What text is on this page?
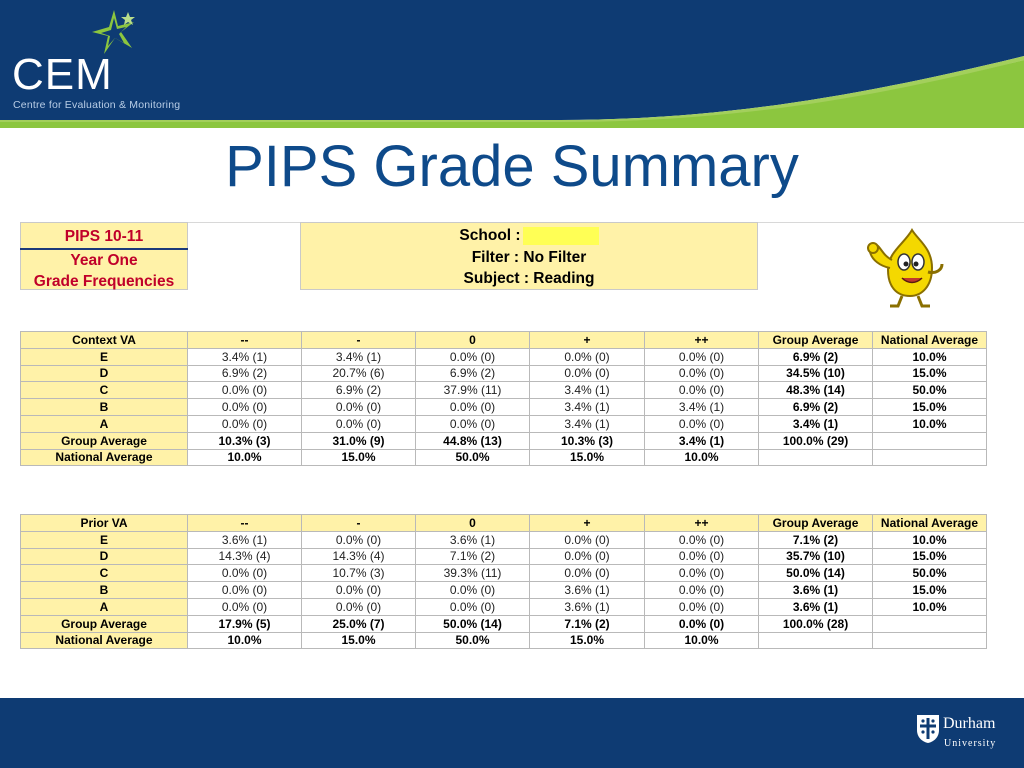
CEM
Centre for Evaluation & Monitoring
PIPS Grade Summary
PIPS 10-11
Year One
Grade Frequencies
School :
Filter : No Filter
Subject : Reading
Context VA	--	-	0	+	++	Group Average	National Average
E	3.4% (1)	3.4% (1)	0.0% (0)	0.0% (0)	0.0% (0)	6.9% (2)	10.0%
D	6.9% (2)	20.7% (6)	6.9% (2)	0.0% (0)	0.0% (0)	34.5% (10)	15.0%
C	0.0% (0)	6.9% (2)	37.9% (11)	3.4% (1)	0.0% (0)	48.3% (14)	50.0%
B	0.0% (0)	0.0% (0)	0.0% (0)	3.4% (1)	3.4% (1)	6.9% (2)	15.0%
A	0.0% (0)	0.0% (0)	0.0% (0)	3.4% (1)	0.0% (0)	3.4% (1)	10.0%
Group Average	10.3% (3)	31.0% (9)	44.8% (13)	10.3% (3)	3.4% (1)	100.0% (29)	
National Average	10.0%	15.0%	50.0%	15.0%	10.0%		
Prior VA	--	-	0	+	++	Group Average	National Average
E	3.6% (1)	0.0% (0)	3.6% (1)	0.0% (0)	0.0% (0)	7.1% (2)	10.0%
D	14.3% (4)	14.3% (4)	7.1% (2)	0.0% (0)	0.0% (0)	35.7% (10)	15.0%
C	0.0% (0)	10.7% (3)	39.3% (11)	0.0% (0)	0.0% (0)	50.0% (14)	50.0%
B	0.0% (0)	0.0% (0)	0.0% (0)	3.6% (1)	0.0% (0)	3.6% (1)	15.0%
A	0.0% (0)	0.0% (0)	0.0% (0)	3.6% (1)	0.0% (0)	3.6% (1)	10.0%
Group Average	17.9% (5)	25.0% (7)	50.0% (14)	7.1% (2)	0.0% (0)	100.0% (28)	
National Average	10.0%	15.0%	50.0%	15.0%	10.0%		
Durham
University
